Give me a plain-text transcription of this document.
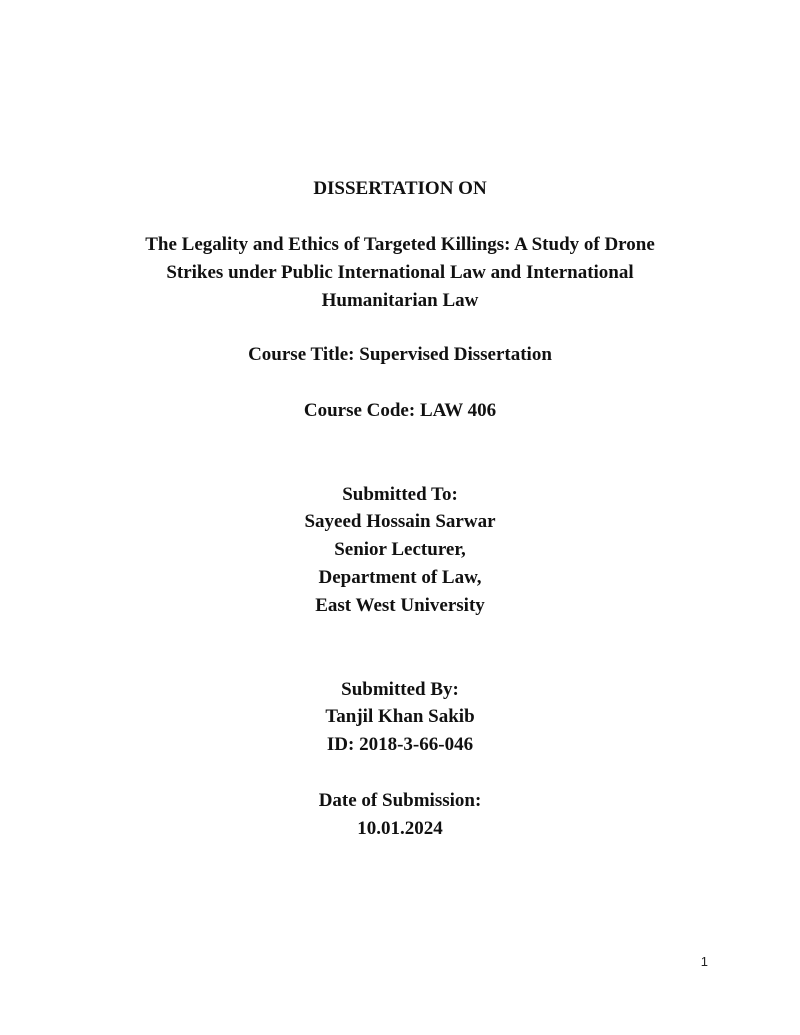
DISSERTATION ON
The Legality and Ethics of Targeted Killings: A Study of Drone
Strikes under Public International Law and International
Humanitarian Law
Course Title: Supervised Dissertation
Course Code: LAW 406
Submitted To:
Sayeed Hossain Sarwar
Senior Lecturer,
Department of Law,
East West University
Submitted By:
Tanjil Khan Sakib
ID: 2018-3-66-046
Date of Submission:
10.01.2024
1
